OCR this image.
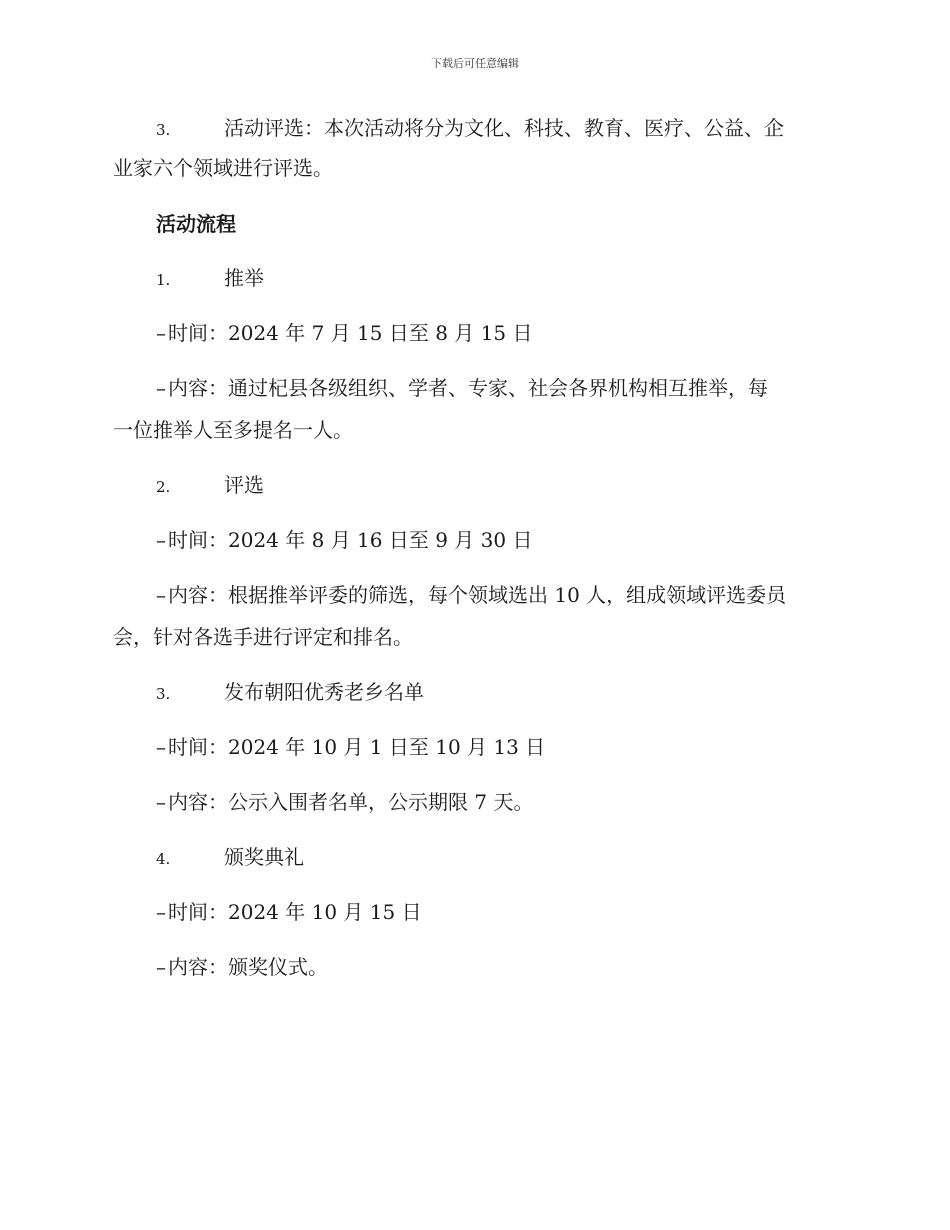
下载后可任意编辑
3.	活动评选：本次活动将分为文化、科技、教育、医疗、公益、企
业家六个领域进行评选。
活动流程
1.	推举
– 时间：2024 年 7 月 15 日至 8 月 15 日
– 内容：通过杞县各级组织、学者、专家、社会各界机构相互推举，每
一位推举人至多提名一人。
2.	评选
– 时间：2024 年 8 月 16 日至 9 月 30 日
– 内容：根据推举评委的筛选，每个领域选出 10 人，组成领域评选委员
会，针对各选手进行评定和排名。
3.	发布朝阳优秀老乡名单
– 时间：2024 年 10 月 1 日至 10 月 13 日
– 内容：公示入围者名单，公示期限 7 天。
4.	颁奖典礼
– 时间：2024 年 10 月 15 日
– 内容：颁奖仪式。
